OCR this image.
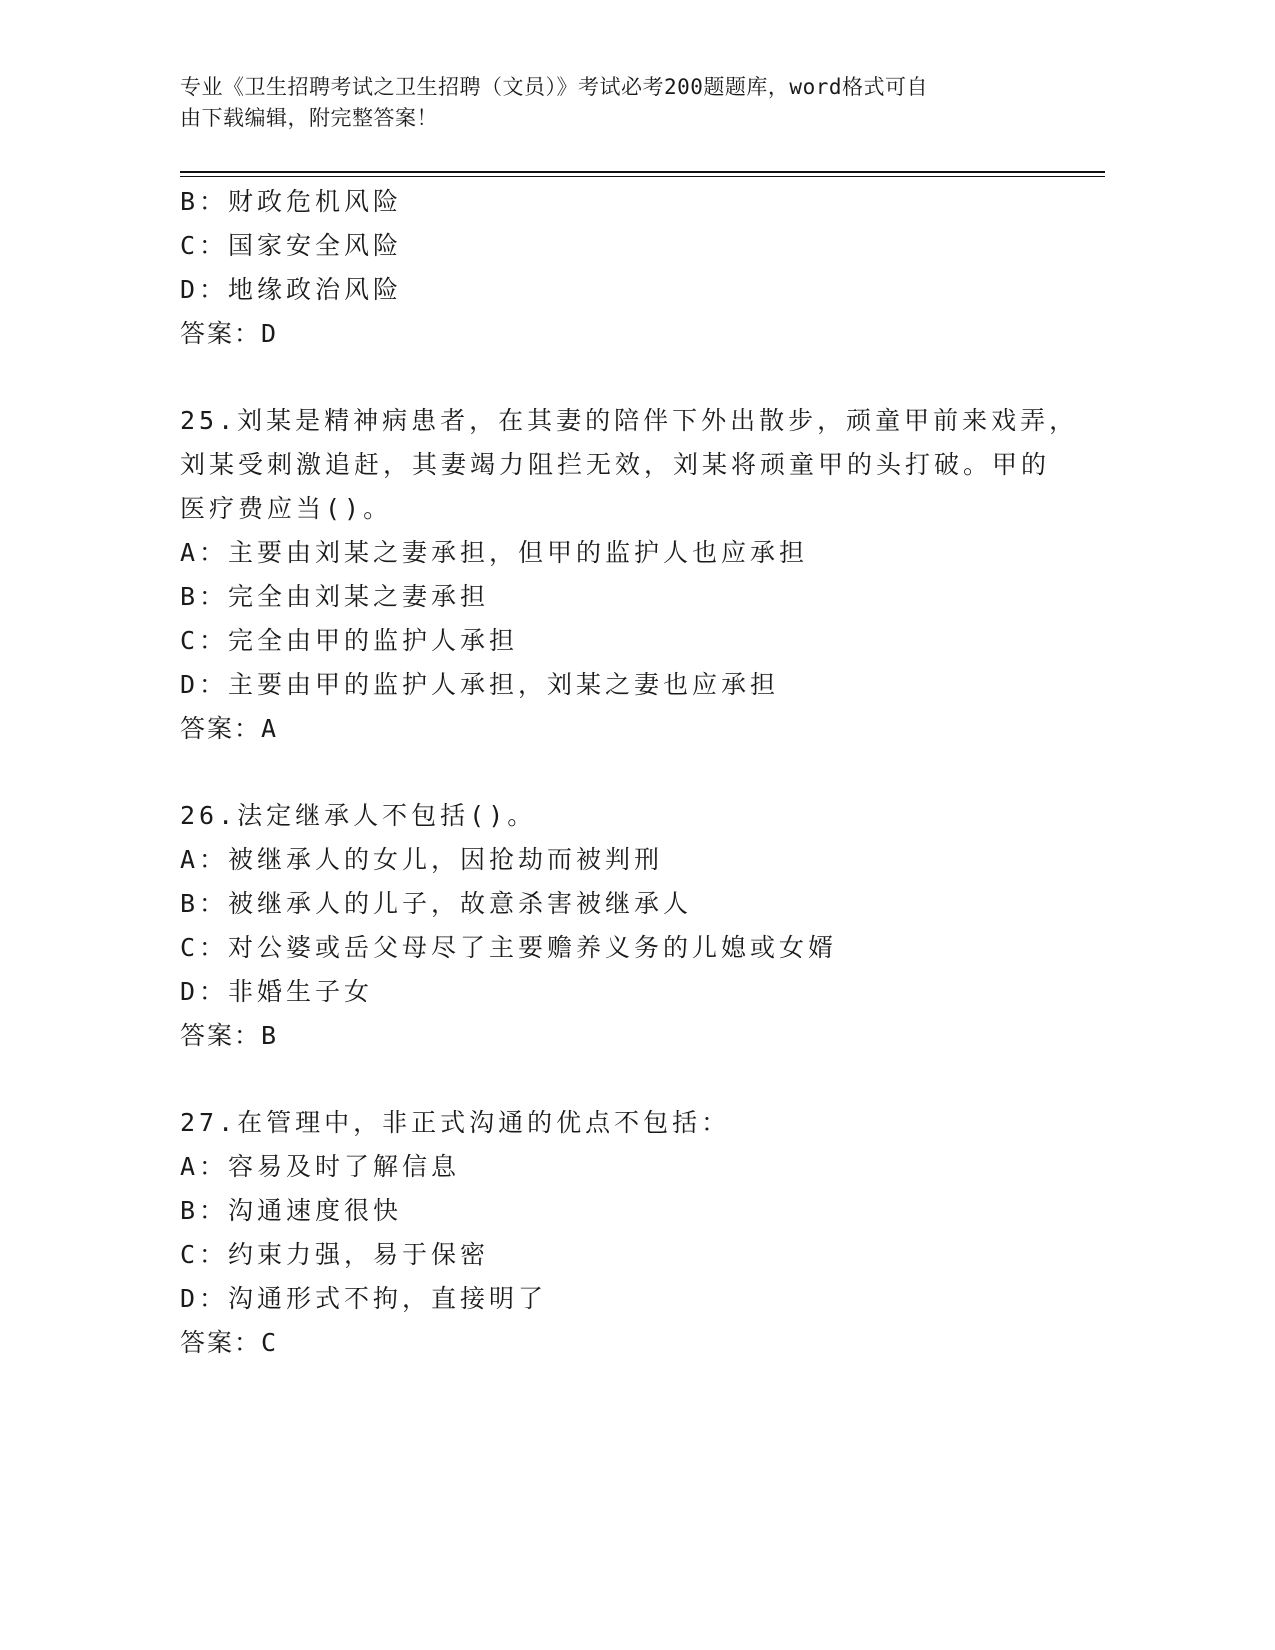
专业《卫生招聘考试之卫生招聘（文员）》考试必考200题题库，word格式可自
由下载编辑，附完整答案！
B：财政危机风险
C：国家安全风险
D：地缘政治风险
答案：D
25.刘某是精神病患者，在其妻的陪伴下外出散步，顽童甲前来戏弄，
刘某受刺激追赶，其妻竭力阻拦无效，刘某将顽童甲的头打破。甲的
医疗费应当()。
A：主要由刘某之妻承担，但甲的监护人也应承担
B：完全由刘某之妻承担
C：完全由甲的监护人承担
D：主要由甲的监护人承担，刘某之妻也应承担
答案：A
26.法定继承人不包括()。
A：被继承人的女儿，因抢劫而被判刑
B：被继承人的儿子，故意杀害被继承人
C：对公婆或岳父母尽了主要赡养义务的儿媳或女婿
D：非婚生子女
答案：B
27.在管理中，非正式沟通的优点不包括：
A：容易及时了解信息
B：沟通速度很快
C：约束力强，易于保密
D：沟通形式不拘，直接明了
答案：C
